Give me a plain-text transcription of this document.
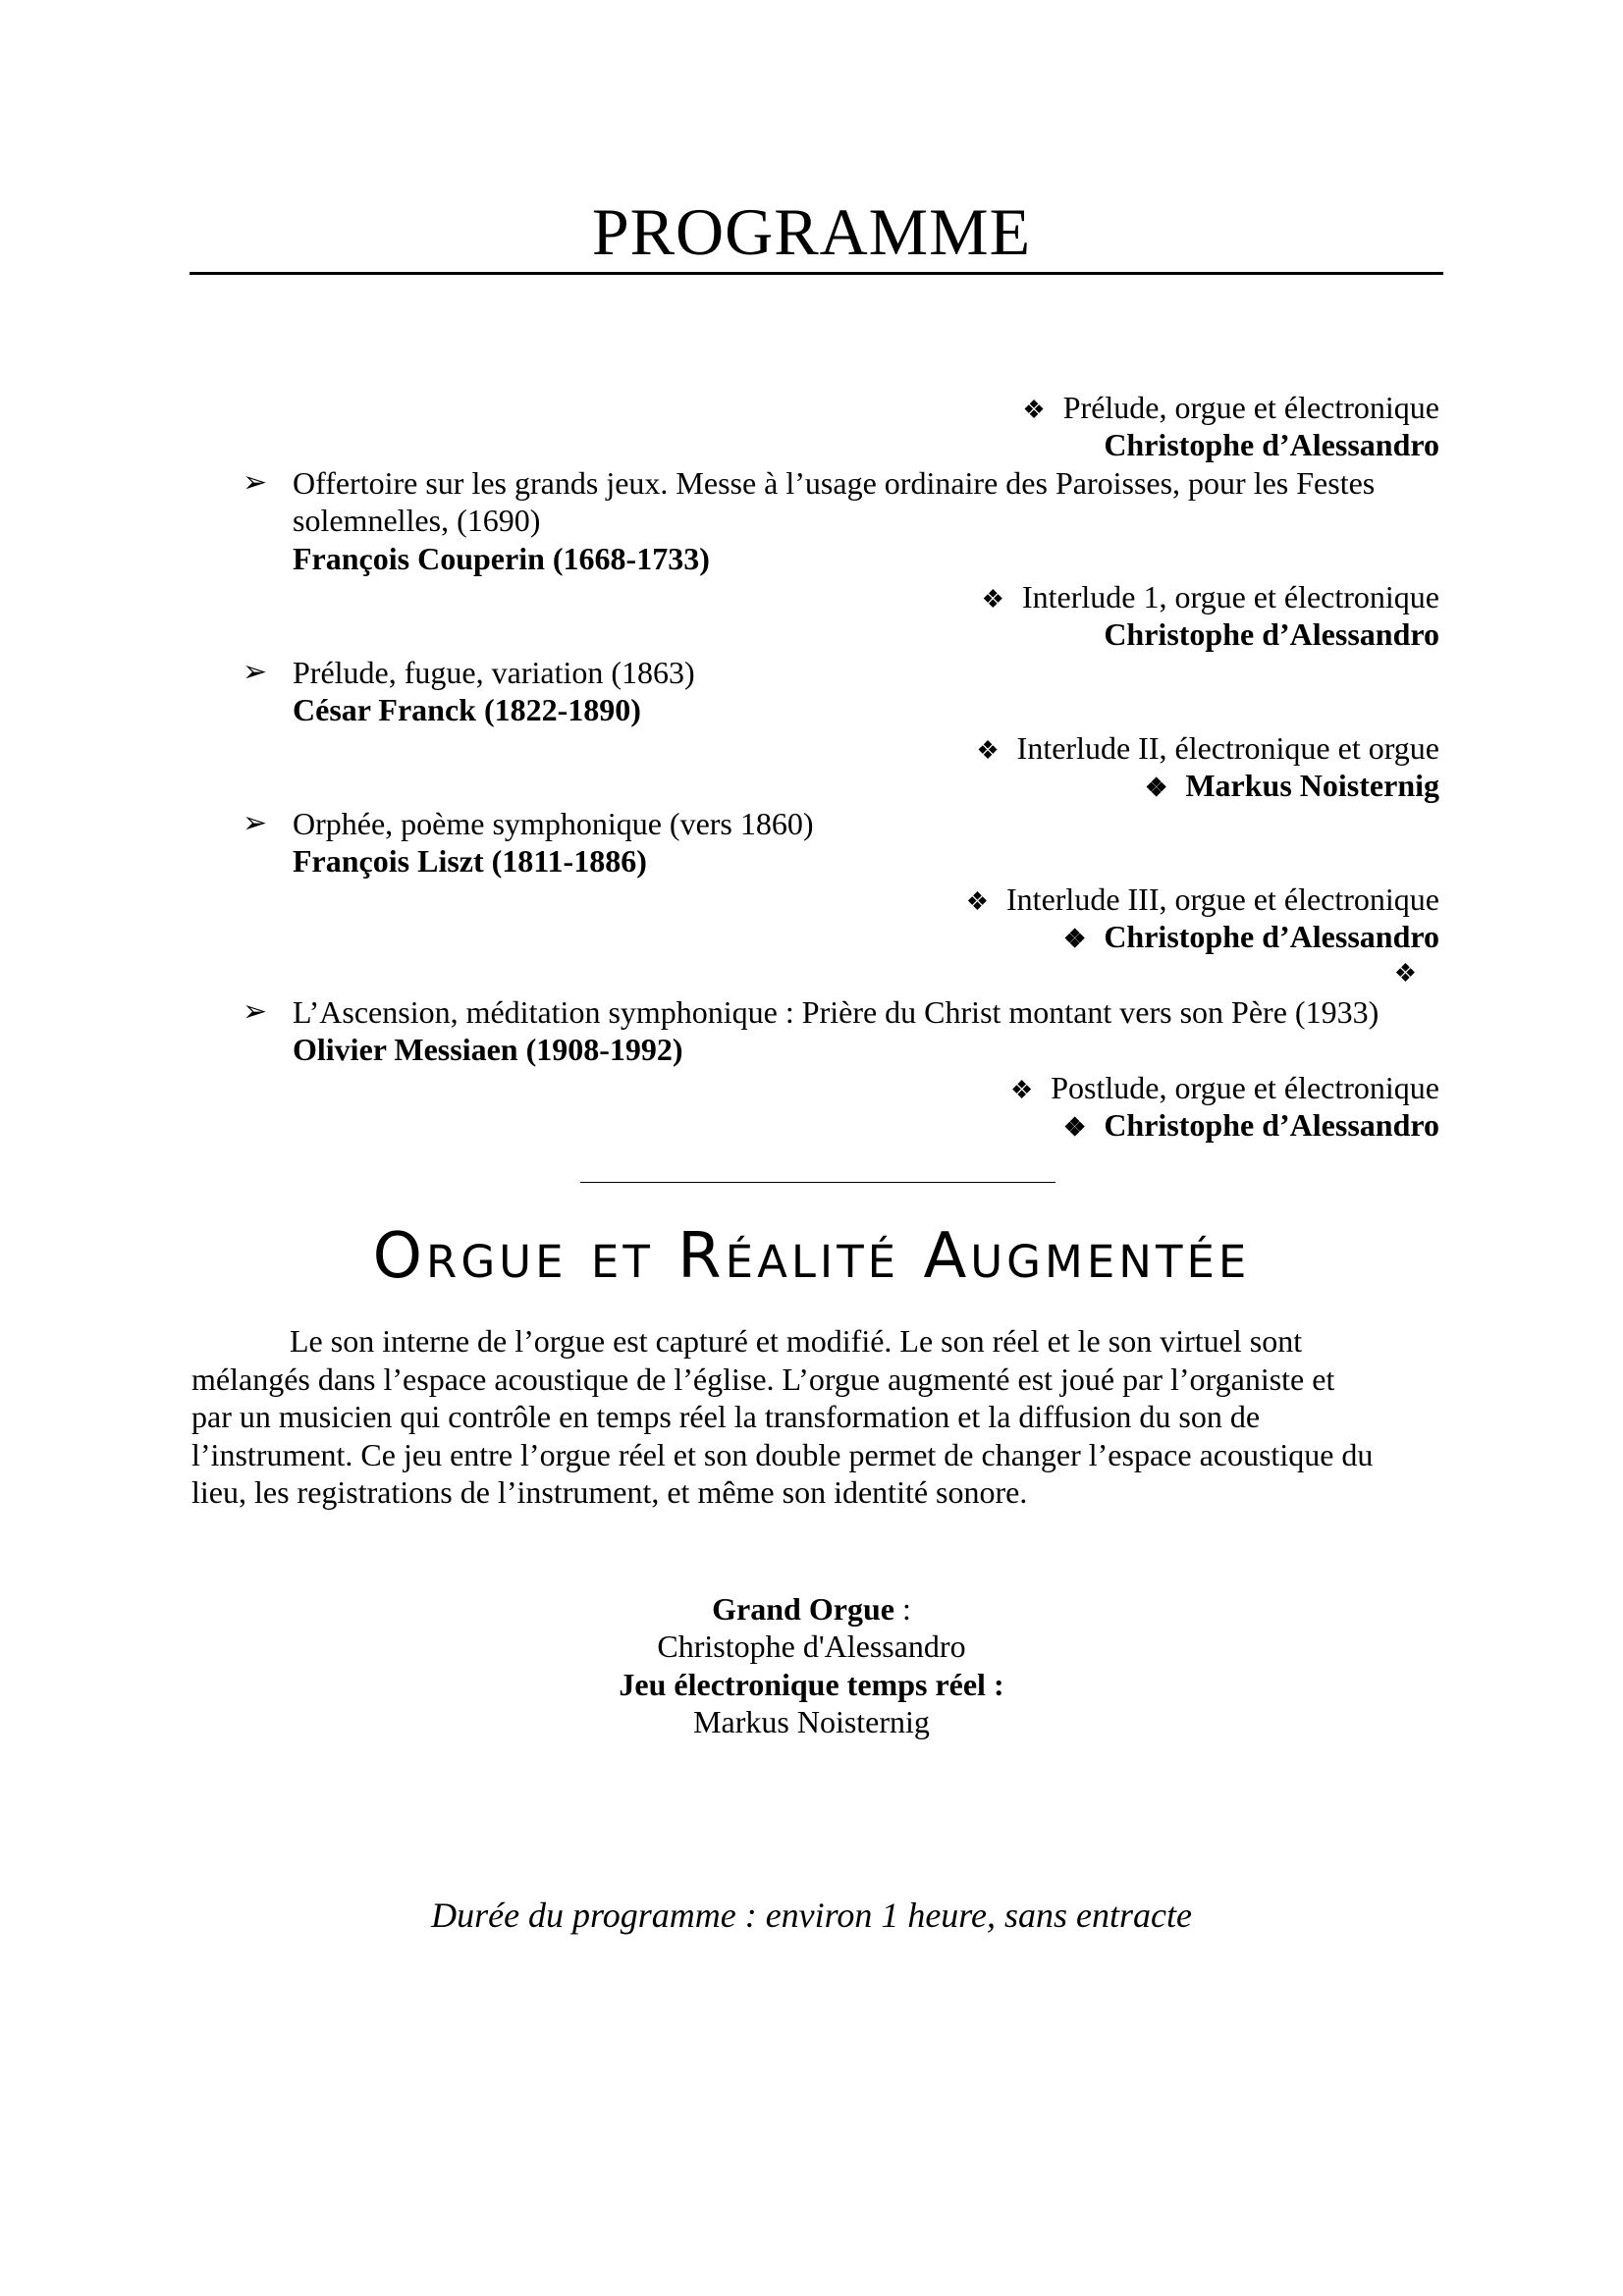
PROGRAMME
❖ Prélude, orgue et électronique
Christophe d’Alessandro
➢ Offertoire sur les grands jeux. Messe à l’usage ordinaire des Paroisses, pour les Festes
solemnelles, (1690)
François Couperin (1668-1733)
❖ Interlude 1, orgue et électronique
Christophe d’Alessandro
➢ Prélude, fugue, variation (1863)
César Franck (1822-1890)
❖ Interlude II, électronique et orgue
❖ Markus Noisternig
➢ Orphée, poème symphonique (vers 1860)
François Liszt (1811-1886)
❖ Interlude III, orgue et électronique
❖ Christophe d’Alessandro
❖
➢ L’Ascension, méditation symphonique : Prière du Christ montant vers son Père (1933)
Olivier Messiaen (1908-1992)
❖ Postlude, orgue et électronique
❖ Christophe d’Alessandro
Orgue et Réalité Augmentée
Le son interne de l’orgue est capturé et modifié. Le son réel et le son virtuel sont
mélangés dans l’espace acoustique de l’église. L’orgue augmenté est joué par l’organiste et
par un musicien qui contrôle en temps réel la transformation et la diffusion du son de
l’instrument. Ce jeu entre l’orgue réel et son double permet de changer l’espace acoustique du
lieu, les registrations de l’instrument, et même son identité sonore.
Grand Orgue :
Christophe d'Alessandro
Jeu électronique temps réel :
Markus Noisternig
Durée du programme : environ 1 heure, sans entracte
